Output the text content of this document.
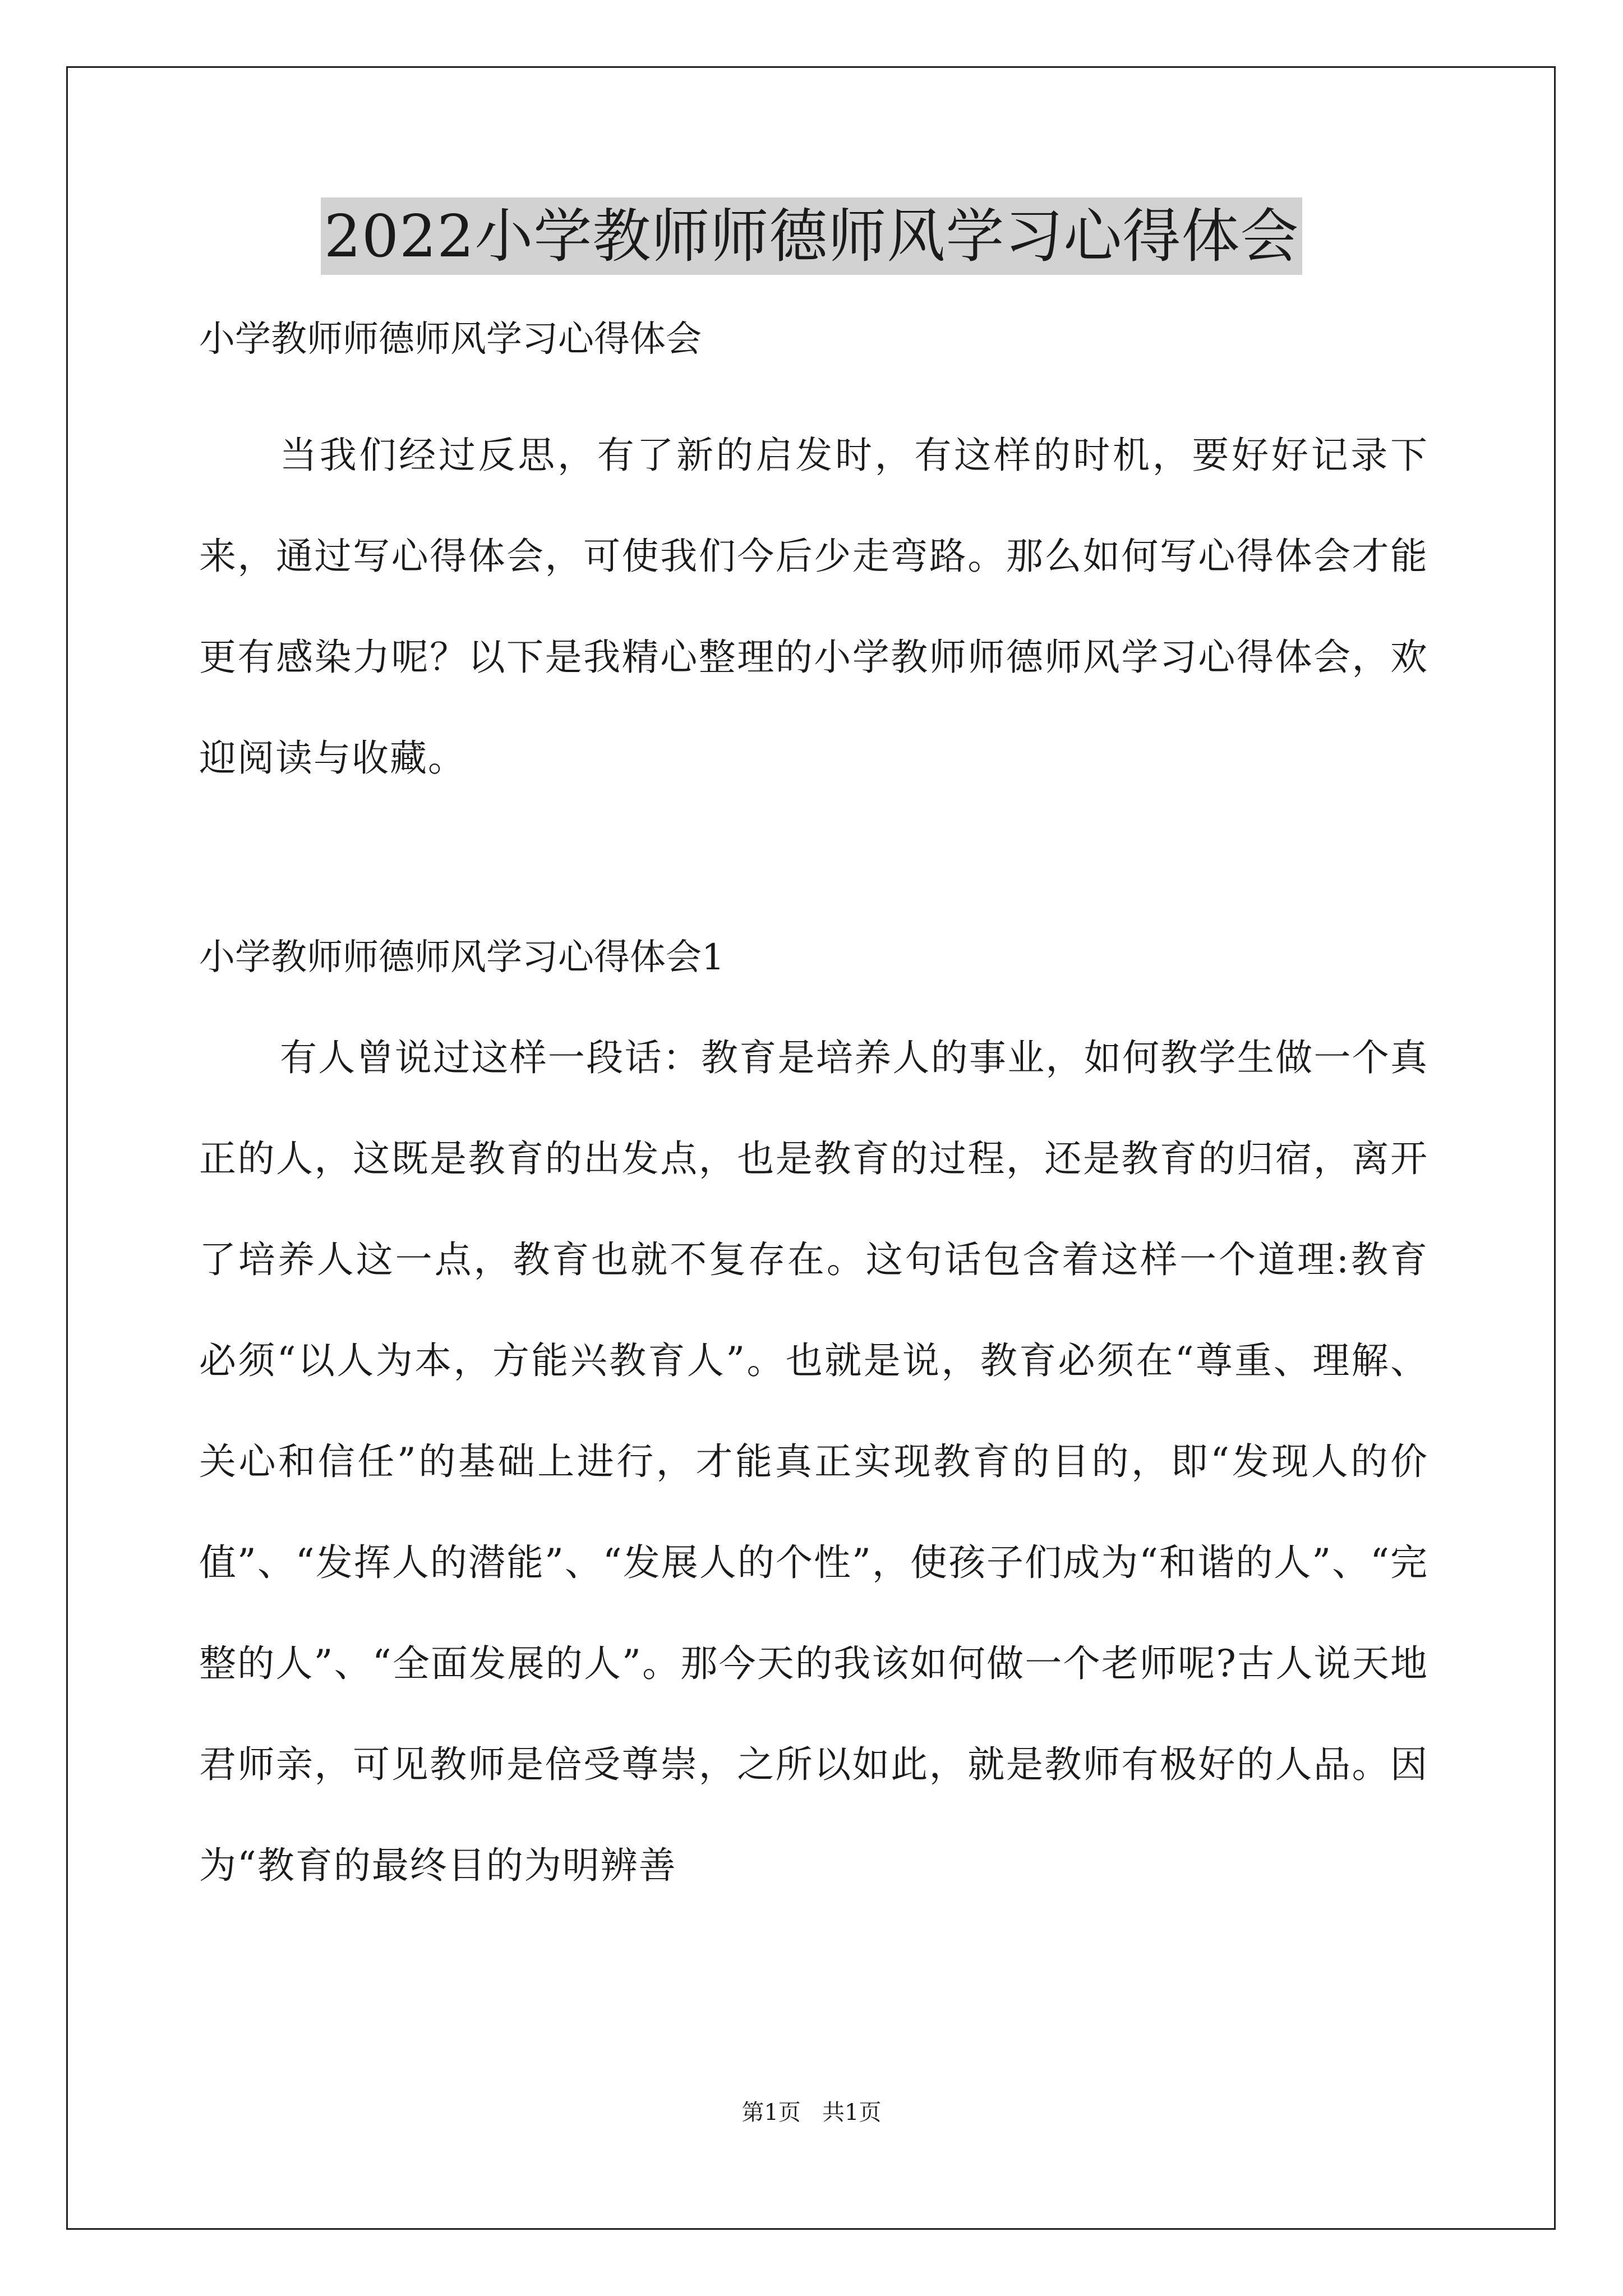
2022小学教师师德师风学习心得体会

小学教师师德师风学习心得体会

当我们经过反思，有了新的启发时，有这样的时机，要好好记录下来，通过写心得体会，可使我们今后少走弯路。那么如何写心得体会才能更有感染力呢？以下是我精心整理的小学教师师德师风学习心得体会，欢迎阅读与收藏。

小学教师师德师风学习心得体会1

有人曾说过这样一段话：教育是培养人的事业，如何教学生做一个真正的人，这既是教育的出发点，也是教育的过程，还是教育的归宿，离开了培养人这一点，教育也就不复存在。这句话包含着这样一个道理:教育必须“以人为本，方能兴教育人”。也就是说，教育必须在“尊重、理解、关心和信任”的基础上进行，才能真正实现教育的目的，即“发现人的价值”、“发挥人的潜能”、“发展人的个性”，使孩子们成为“和谐的人”、“完整的人”、“全面发展的人”。那今天的我该如何做一个老师呢?古人说天地君师亲，可见教师是倍受尊崇，之所以如此，就是教师有极好的人品。因为“教育的最终目的为明辨善

第1页   共1页
